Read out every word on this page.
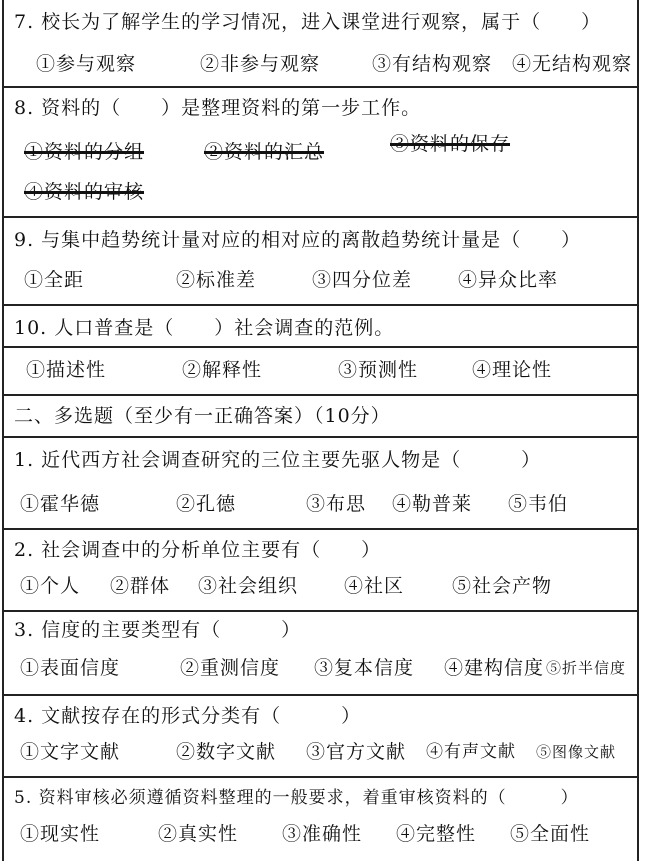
7. 校长为了解学生的学习情况，进入课堂进行观察，属于（　　）
①参与观察	②非参与观察	③有结构观察 ④无结构观察
8. 资料的（　　）是整理资料的第一步工作。
①资料的分组	②资料的汇总	③资料的保存
④资料的审核
9. 与集中趋势统计量对应的相对应的离散趋势统计量是（　　）
①全距	②标准差	③四分位差 ④异众比率
10. 人口普查是（　　）社会调查的范例。
①描述性	②解释性	③预测性	④理论性
二、多选题（至少有一正确答案）（10分）
1. 近代西方社会调查研究的三位主要先驱人物是（　　　）
①霍华德	②孔德	③布思 ④勒普莱 ⑤韦伯
2. 社会调查中的分析单位主要有（　　）
①个人 ②群体 ③社会组织 ④社区	⑤社会产物
3. 信度的主要类型有（　　　）
①表面信度	②重测信度 ③复本信度 ④建构信度 ⑤折半信度
4. 文献按存在的形式分类有（　　　）
①文字文献	②数字文献 ③官方文献 ④有声文献 ⑤图像文献
5. 资料审核必须遵循资料整理的一般要求，着重审核资料的（　　　）
①现实性	②真实性 ③准确性 ④完整性 ⑤全面性
